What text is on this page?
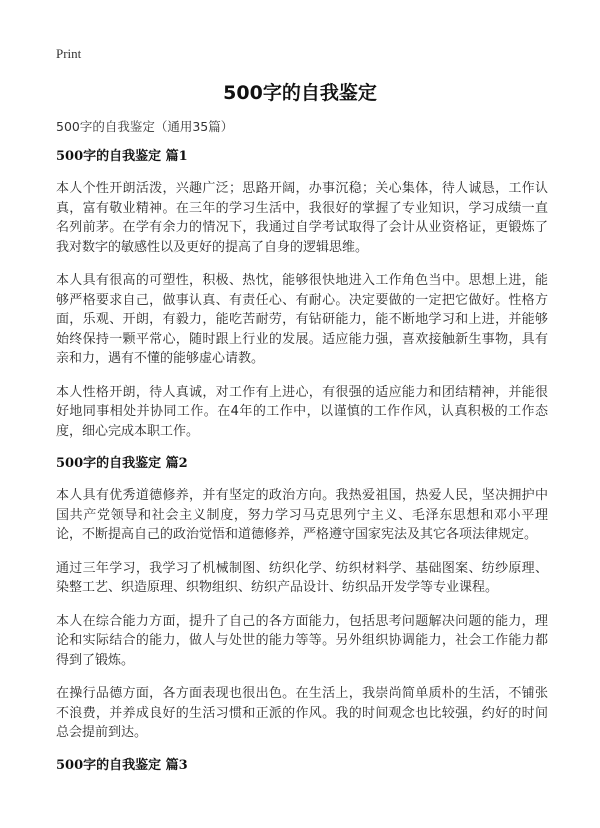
Print
500字的自我鉴定

500字的自我鉴定（通用35篇）

500字的自我鉴定 篇1

本人个性开朗活泼，兴趣广泛；思路开阔，办事沉稳；关心集体，待人诚恳，工作认真，富有敬业精神。在三年的学习生活中，我很好的掌握了专业知识，学习成绩一直名列前茅。在学有余力的情况下，我通过自学考试取得了会计从业资格证，更锻炼了我对数字的敏感性以及更好的提高了自身的逻辑思维。

本人具有很高的可塑性，积极、热忱，能够很快地进入工作角色当中。思想上进，能够严格要求自己，做事认真、有责任心、有耐心。决定要做的一定把它做好。性格方面，乐观、开朗，有毅力，能吃苦耐劳，有钻研能力，能不断地学习和上进，并能够始终保持一颗平常心，随时跟上行业的发展。适应能力强，喜欢接触新生事物，具有亲和力，遇有不懂的能够虚心请教。

本人性格开朗，待人真诚，对工作有上进心，有很强的适应能力和团结精神，并能很好地同事相处并协同工作。在4年的工作中，以谨慎的工作作风，认真积极的工作态度，细心完成本职工作。

500字的自我鉴定 篇2

本人具有优秀道德修养，并有坚定的政治方向。我热爱祖国，热爱人民，坚决拥护中国共产党领导和社会主义制度，努力学习马克思列宁主义、毛泽东思想和邓小平理论，不断提高自己的政治觉悟和道德修养，严格遵守国家宪法及其它各项法律规定。

通过三年学习，我学习了机械制图、纺织化学、纺织材料学、基础图案、纺纱原理、染整工艺、织造原理、织物组织、纺织产品设计、纺织品开发学等专业课程。

本人在综合能力方面，提升了自己的各方面能力，包括思考问题解决问题的能力，理论和实际结合的能力，做人与处世的能力等等。另外组织协调能力，社会工作能力都得到了锻炼。

在操行品德方面，各方面表现也很出色。在生活上，我崇尚简单质朴的生活，不铺张不浪费，并养成良好的生活习惯和正派的作风。我的时间观念也比较强，约好的时间总会提前到达。

500字的自我鉴定 篇3
